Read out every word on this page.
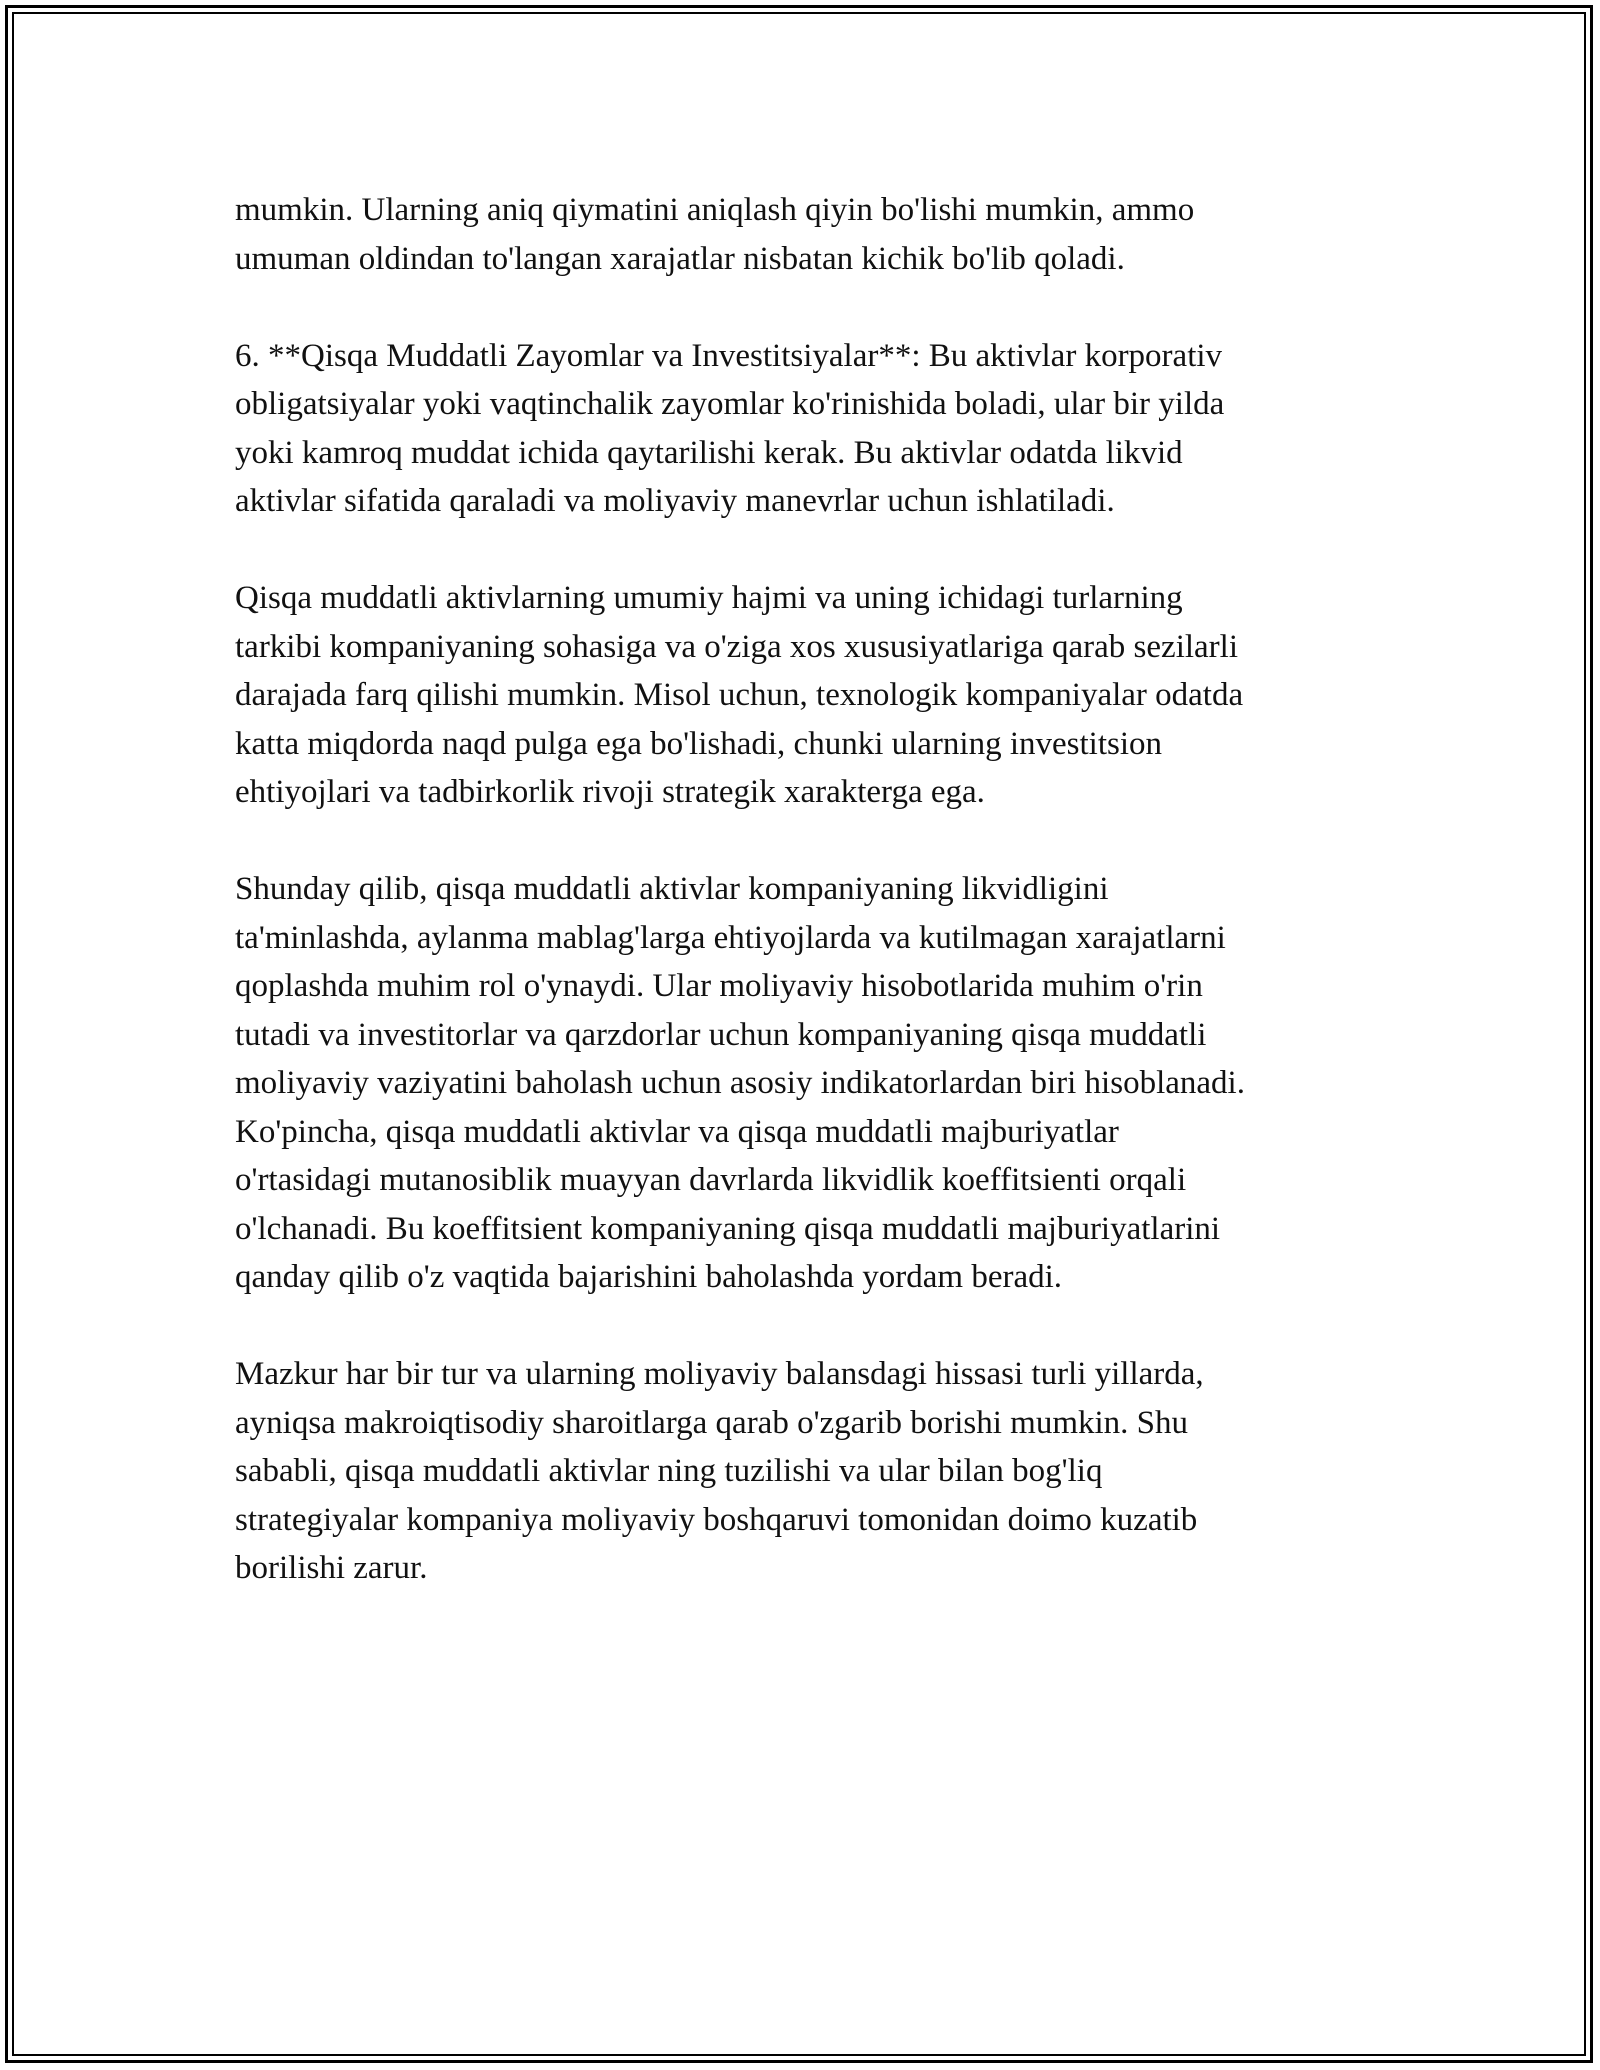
mumkin. Ularning aniq qiymatini aniqlash qiyin bo'lishi mumkin, ammo
umuman oldindan to'langan xarajatlar nisbatan kichik bo'lib qoladi.

6. **Qisqa Muddatli Zayomlar va Investitsiyalar**: Bu aktivlar korporativ
obligatsiyalar yoki vaqtinchalik zayomlar ko'rinishida boladi, ular bir yilda
yoki kamroq muddat ichida qaytarilishi kerak. Bu aktivlar odatda likvid
aktivlar sifatida qaraladi va moliyaviy manevrlar uchun ishlatiladi.

Qisqa muddatli aktivlarning umumiy hajmi va uning ichidagi turlarning
tarkibi kompaniyaning sohasiga va o'ziga xos xususiyatlariga qarab sezilarli
darajada farq qilishi mumkin. Misol uchun, texnologik kompaniyalar odatda
katta miqdorda naqd pulga ega bo'lishadi, chunki ularning investitsion
ehtiyojlari va tadbirkorlik rivoji strategik xarakterga ega.

Shunday qilib, qisqa muddatli aktivlar kompaniyaning likvidligini
ta'minlashda, aylanma mablag'larga ehtiyojlarda va kutilmagan xarajatlarni
qoplashda muhim rol o'ynaydi. Ular moliyaviy hisobotlarida muhim o'rin
tutadi va investitorlar va qarzdorlar uchun kompaniyaning qisqa muddatli
moliyaviy vaziyatini baholash uchun asosiy indikatorlardan biri hisoblanadi.
Ko'pincha, qisqa muddatli aktivlar va qisqa muddatli majburiyatlar
o'rtasidagi mutanosiblik muayyan davrlarda likvidlik koeffitsienti orqali
o'lchanadi. Bu koeffitsient kompaniyaning qisqa muddatli majburiyatlarini
qanday qilib o'z vaqtida bajarishini baholashda yordam beradi.

Mazkur har bir tur va ularning moliyaviy balansdagi hissasi turli yillarda,
ayniqsa makroiqtisodiy sharoitlarga qarab o'zgarib borishi mumkin. Shu
sababli, qisqa muddatli aktivlar ning tuzilishi va ular bilan bog'liq
strategiyalar kompaniya moliyaviy boshqaruvi tomonidan doimo kuzatib
borilishi zarur.
